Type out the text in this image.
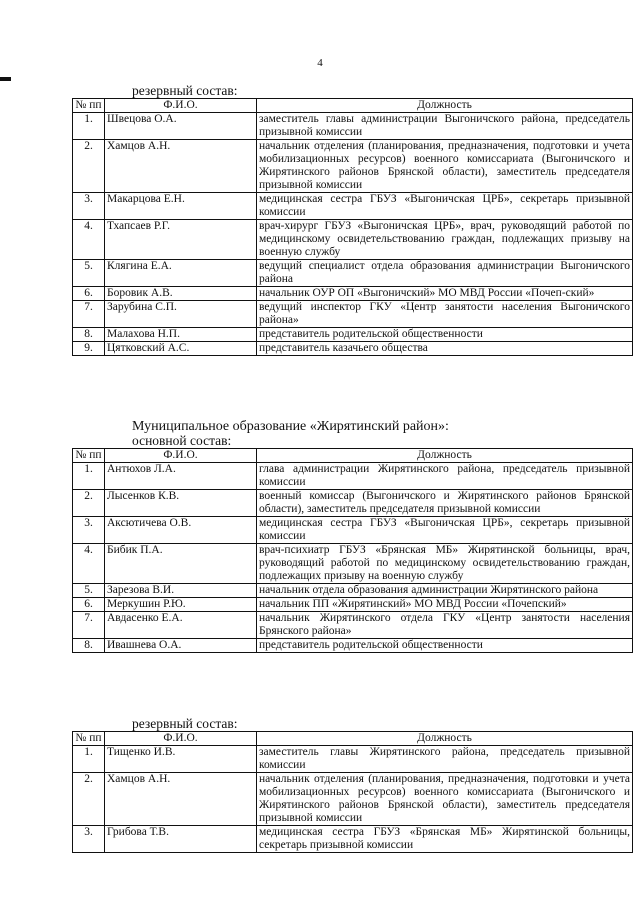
4
резервный состав:
№ пп	Ф.И.О.	Должность
1.	Швецова О.А.	заместитель главы администрации Выгоничского района, председатель призывной комиссии
2.	Хамцов А.Н.	начальник отделения (планирования, предназначения, подготовки и учета мобилизационных ресурсов) военного комиссариата (Выгоничского и Жирятинского районов Брянской области), заместитель председателя призывной комиссии
3.	Макарцова Е.Н.	медицинская сестра ГБУЗ «Выгоничская ЦРБ», секретарь призывной комиссии
4.	Тхапсаев Р.Г.	врач-хирург ГБУЗ «Выгоничская ЦРБ», врач, руководящий работой по медицинскому освидетельствованию граждан, подлежащих призыву на военную службу
5.	Клягина Е.А.	ведущий специалист отдела образования администрации Выгоничского района
6.	Боровик А.В.	начальник ОУР ОП «Выгоничский» МО МВД России «Почеп-ский»
7.	Зарубина С.П.	ведущий инспектор ГКУ «Центр занятости населения Выгоничского района»
8.	Малахова Н.П.	представитель родительской общественности
9.	Цятковский А.С.	представитель казачьего общества
Муниципальное образование «Жирятинский район»:
основной состав:
№ пп	Ф.И.О.	Должность
1.	Антюхов Л.А.	глава администрации Жирятинского района, председатель призывной комиссии
2.	Лысенков К.В.	военный комиссар (Выгоничского и Жирятинского районов Брянской области), заместитель председателя призывной комиссии
3.	Аксютичева О.В.	медицинская сестра ГБУЗ «Выгоничская ЦРБ», секретарь призывной комиссии
4.	Бибик П.А.	врач-психиатр ГБУЗ «Брянская МБ» Жирятинской больницы, врач, руководящий работой по медицинскому освидетельствованию граждан, подлежащих призыву на военную службу
5.	Зарезова В.И.	начальник отдела образования администрации Жирятинского района
6.	Меркушин Р.Ю.	начальник ПП «Жирятинский» МО МВД России «Почепский»
7.	Авдасенко Е.А.	начальник Жирятинского отдела ГКУ «Центр занятости населения Брянского района»
8.	Ивашнева О.А.	представитель родительской общественности
резервный состав:
№ пп	Ф.И.О.	Должность
1.	Тищенко И.В.	заместитель главы Жирятинского района, председатель призывной комиссии
2.	Хамцов А.Н.	начальник отделения (планирования, предназначения, подготовки и учета мобилизационных ресурсов) военного комиссариата (Выгоничского и Жирятинского районов Брянской области), заместитель председателя призывной комиссии
3.	Грибова Т.В.	медицинская сестра ГБУЗ «Брянская МБ» Жирятинской больницы, секретарь призывной комиссии
